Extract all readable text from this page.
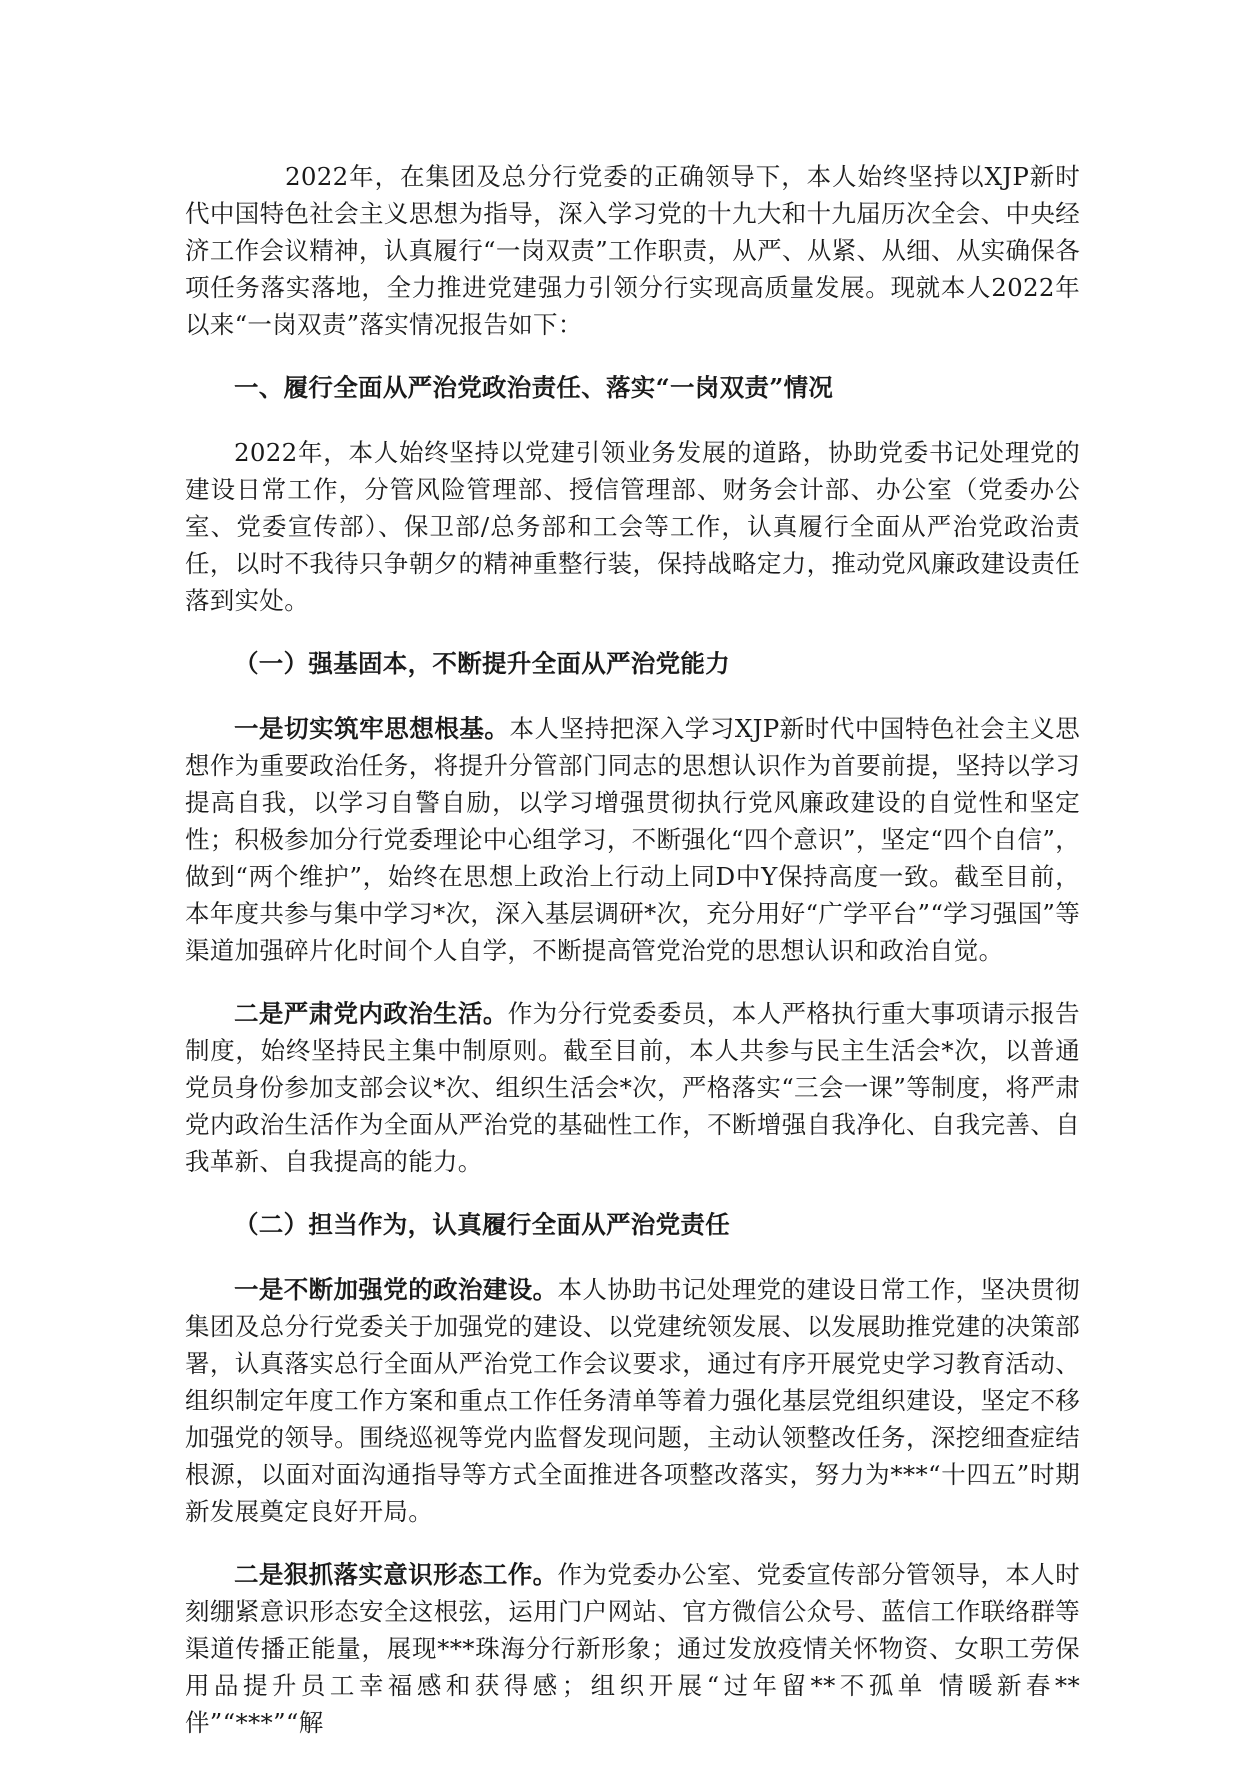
2022年，在集团及总分行党委的正确领导下，本人始终坚持以XJP新时代中国特色社会主义思想为指导，深入学习党的十九大和十九届历次全会、中央经济工作会议精神，认真履行“一岗双责”工作职责，从严、从紧、从细、从实确保各项任务落实落地，全力推进党建强力引领分行实现高质量发展。现就本人2022年以来“一岗双责”落实情况报告如下：

一、履行全面从严治党政治责任、落实“一岗双责”情况

2022年，本人始终坚持以党建引领业务发展的道路，协助党委书记处理党的建设日常工作，分管风险管理部、授信管理部、财务会计部、办公室（党委办公室、党委宣传部）、保卫部/总务部和工会等工作，认真履行全面从严治党政治责任，以时不我待只争朝夕的精神重整行装，保持战略定力，推动党风廉政建设责任落到实处。

（一）强基固本，不断提升全面从严治党能力

一是切实筑牢思想根基。本人坚持把深入学习XJP新时代中国特色社会主义思想作为重要政治任务，将提升分管部门同志的思想认识作为首要前提，坚持以学习提高自我，以学习自警自励，以学习增强贯彻执行党风廉政建设的自觉性和坚定性；积极参加分行党委理论中心组学习，不断强化“四个意识”，坚定“四个自信”，做到“两个维护”，始终在思想上政治上行动上同D中Y保持高度一致。截至目前，本年度共参与集中学习*次，深入基层调研*次，充分用好“广学平台”“学习强国”等渠道加强碎片化时间个人自学，不断提高管党治党的思想认识和政治自觉。

二是严肃党内政治生活。作为分行党委委员，本人严格执行重大事项请示报告制度，始终坚持民主集中制原则。截至目前，本人共参与民主生活会*次，以普通党员身份参加支部会议*次、组织生活会*次，严格落实“三会一课”等制度，将严肃党内政治生活作为全面从严治党的基础性工作，不断增强自我净化、自我完善、自我革新、自我提高的能力。

（二）担当作为，认真履行全面从严治党责任

一是不断加强党的政治建设。本人协助书记处理党的建设日常工作，坚决贯彻集团及总分行党委关于加强党的建设、以党建统领发展、以发展助推党建的决策部署，认真落实总行全面从严治党工作会议要求，通过有序开展党史学习教育活动、组织制定年度工作方案和重点工作任务清单等着力强化基层党组织建设，坚定不移加强党的领导。围绕巡视等党内监督发现问题，主动认领整改任务，深挖细查症结根源，以面对面沟通指导等方式全面推进各项整改落实，努力为***“十四五”时期新发展奠定良好开局。

二是狠抓落实意识形态工作。作为党委办公室、党委宣传部分管领导，本人时刻绷紧意识形态安全这根弦，运用门户网站、官方微信公众号、蓝信工作联络群等渠道传播正能量，展现***珠海分行新形象；通过发放疫情关怀物资、女职工劳保用品提升员工幸福感和获得感；组织开展“过年留**不孤单 情暖新春**伴”“***”“解
